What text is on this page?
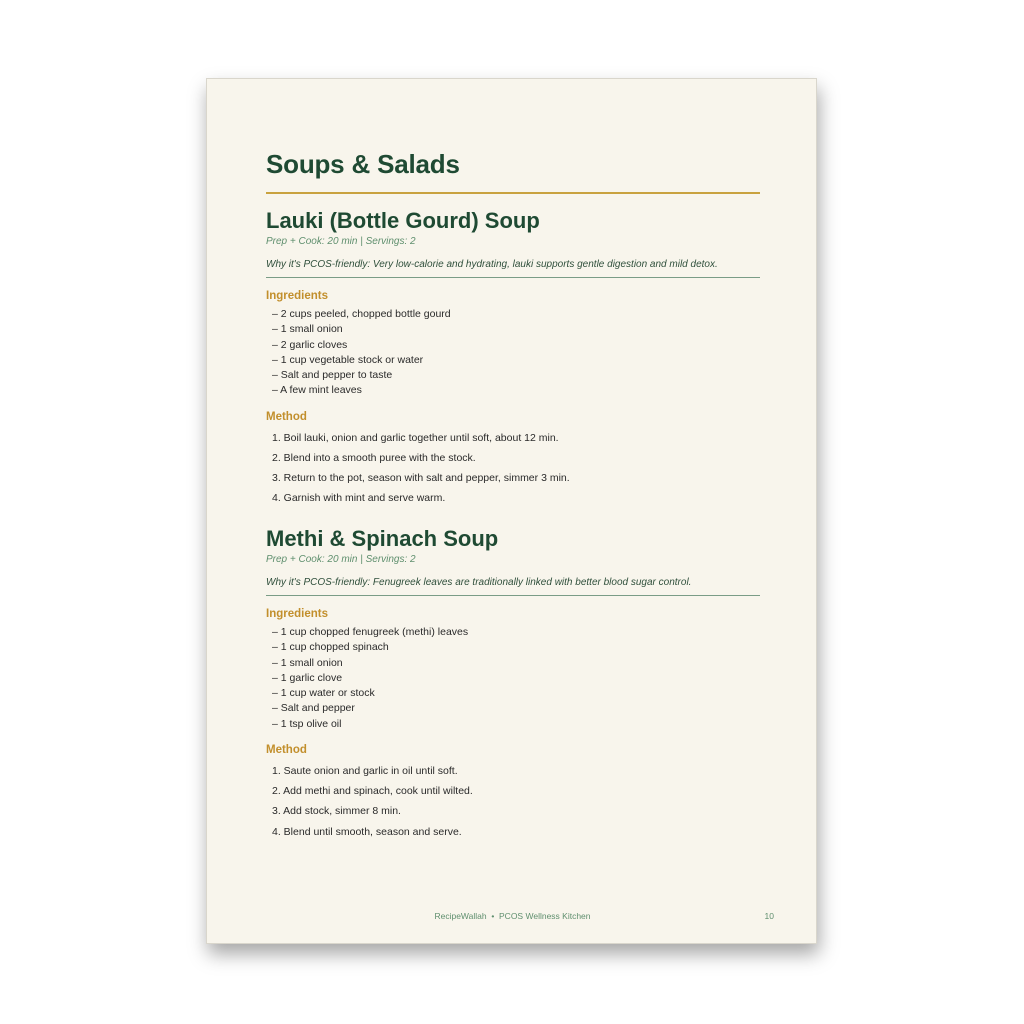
Soups & Salads
Lauki (Bottle Gourd) Soup
Prep + Cook: 20 min | Servings: 2
Why it's PCOS-friendly: Very low-calorie and hydrating, lauki supports gentle digestion and mild detox.
Ingredients
– 2 cups peeled, chopped bottle gourd
– 1 small onion
– 2 garlic cloves
– 1 cup vegetable stock or water
– Salt and pepper to taste
– A few mint leaves
Method
1. Boil lauki, onion and garlic together until soft, about 12 min.
2. Blend into a smooth puree with the stock.
3. Return to the pot, season with salt and pepper, simmer 3 min.
4. Garnish with mint and serve warm.
Methi & Spinach Soup
Prep + Cook: 20 min | Servings: 2
Why it's PCOS-friendly: Fenugreek leaves are traditionally linked with better blood sugar control.
Ingredients
– 1 cup chopped fenugreek (methi) leaves
– 1 cup chopped spinach
– 1 small onion
– 1 garlic clove
– 1 cup water or stock
– Salt and pepper
– 1 tsp olive oil
Method
1. Saute onion and garlic in oil until soft.
2. Add methi and spinach, cook until wilted.
3. Add stock, simmer 8 min.
4. Blend until smooth, season and serve.
RecipeWallah  •  PCOS Wellness Kitchen	10
